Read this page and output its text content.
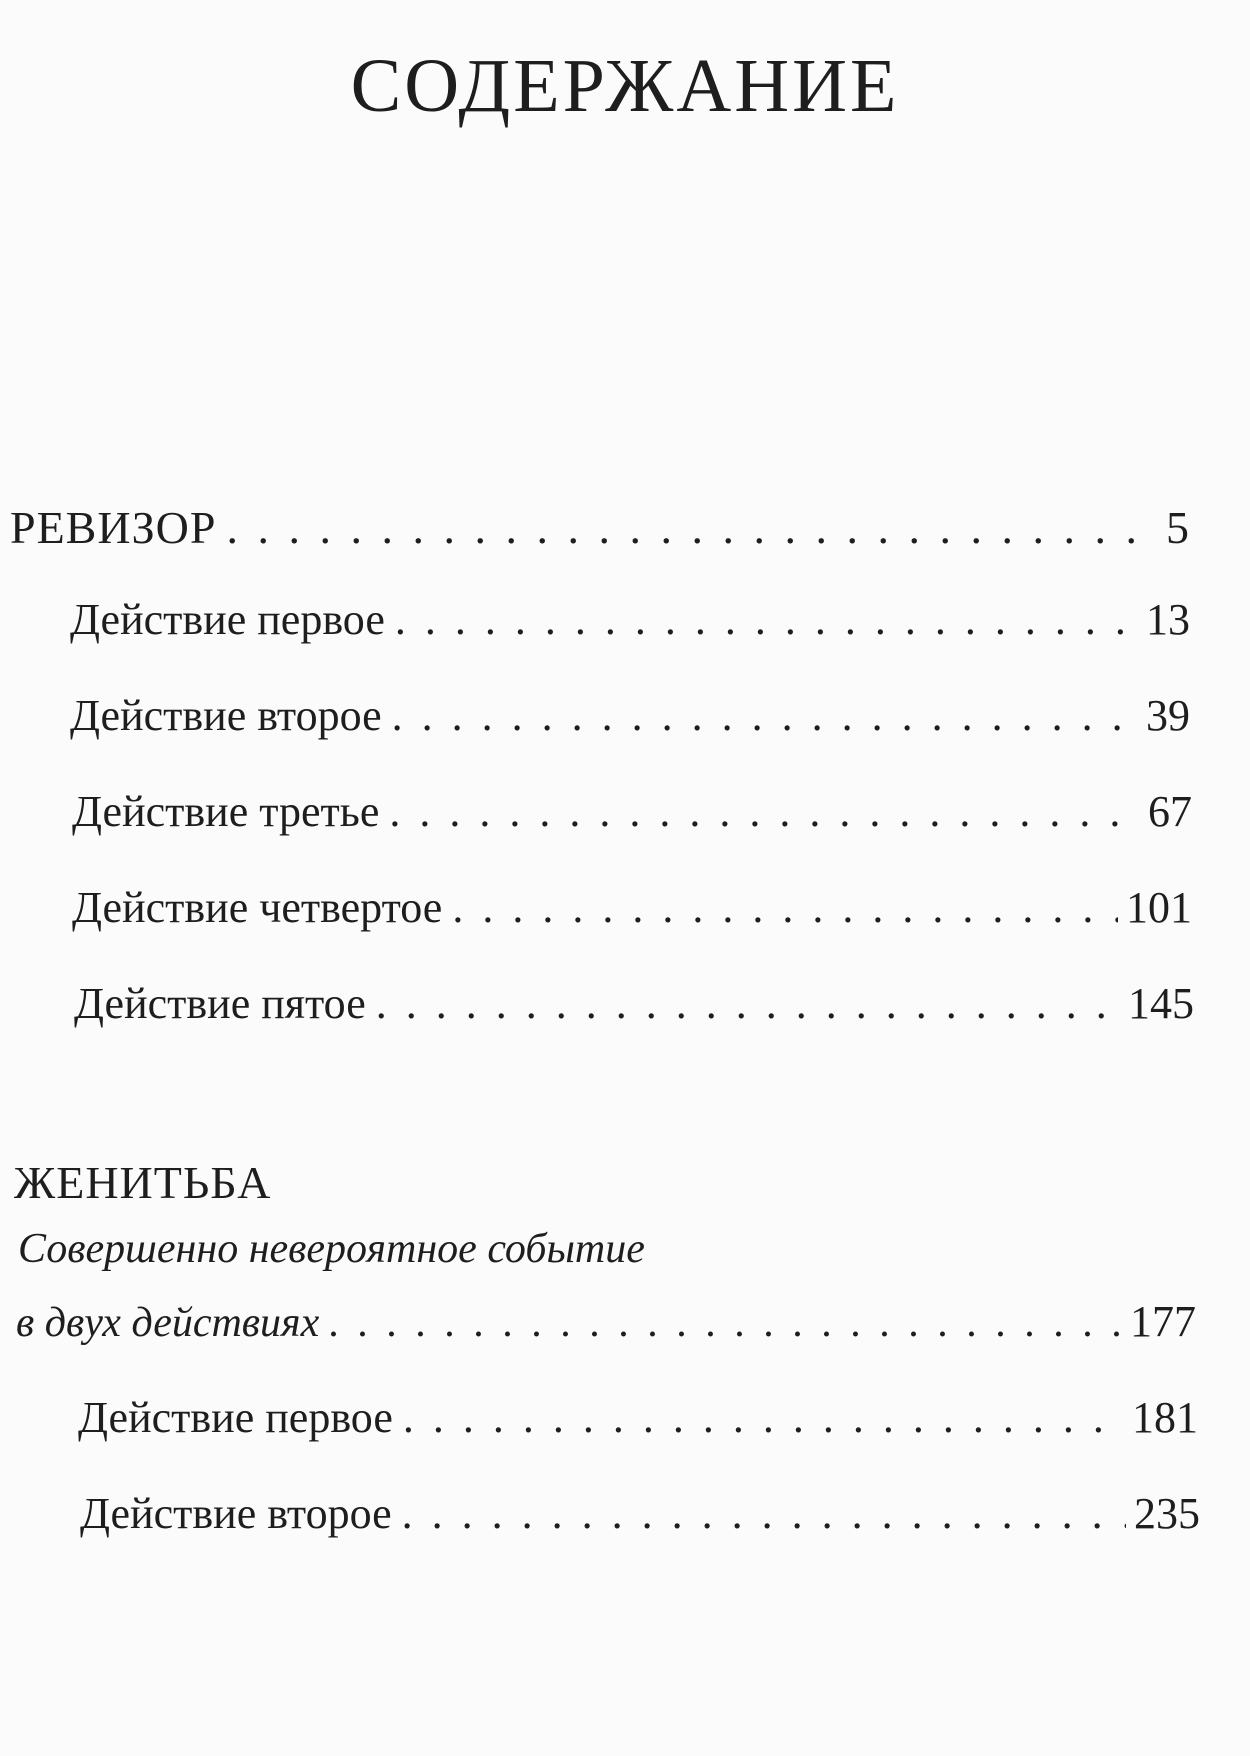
СОДЕРЖАНИЕ
РЕВИЗОР . . .	5
Действие первое . . .	13
Действие второе . . .	39
Действие третье . . .	67
Действие четвертое . . .	101
Действие пятое . . .	145
ЖЕНИТЬБА
Совершенно невероятное событие
в двух действиях . . .	177
Действие первое . . .	181
Действие второе . . .	235
